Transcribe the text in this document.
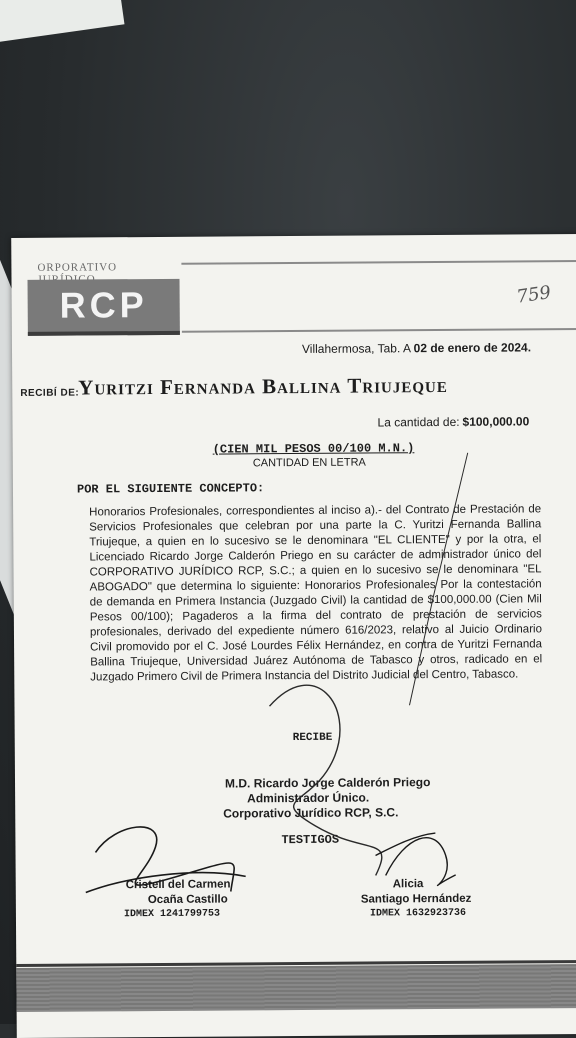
ORPORATIVO
RCP	759
Villahermosa, Tab. A 02 de enero de 2024.
RECIBÍ DE:
Yuritzi Fernanda Ballina Triujeque
La cantidad de: $100,000.00
(CIEN MIL PESOS 00/100 M.N.)
CANTIDAD EN LETRA
POR EL SIGUIENTE CONCEPTO:
Honorarios Profesionales, correspondientes al inciso a).- del Contrato de Prestación de Servicios Profesionales que celebran por una parte la C. Yuritzi Fernanda Ballina Triujeque, a quien en lo sucesivo se le denominara "EL CLIENTE" y por la otra, el Licenciado Ricardo Jorge Calderón Priego en su carácter de administrador único del CORPORATIVO JURÍDICO RCP, S.C.; a quien en lo sucesivo se le denominara "EL ABOGADO" que determina lo siguiente: Honorarios Profesionales Por la contestación de demanda en Primera Instancia (Juzgado Civil) la cantidad de $100,000.00 (Cien Mil Pesos 00/100); Pagaderos a la firma del contrato de prestación de servicios profesionales, derivado del expediente número 616/2023, relativo al Juicio Ordinario Civil promovido por el C. José Lourdes Félix Hernández, en contra de Yuritzi Fernanda Ballina Triujeque, Universidad Juárez Autónoma de Tabasco y otros, radicado en el Juzgado Primero Civil de Primera Instancia del Distrito Judicial del Centro, Tabasco.
RECIBE
M.D. Ricardo Jorge Calderón Priego
Administrador Único.
Corporativo Jurídico RCP, S.C.
TESTIGOS
Cristell del Carmen
Ocaña Castillo
IDMEX 1241799753
Alicia
Santiago Hernández
IDMEX 1632923736
